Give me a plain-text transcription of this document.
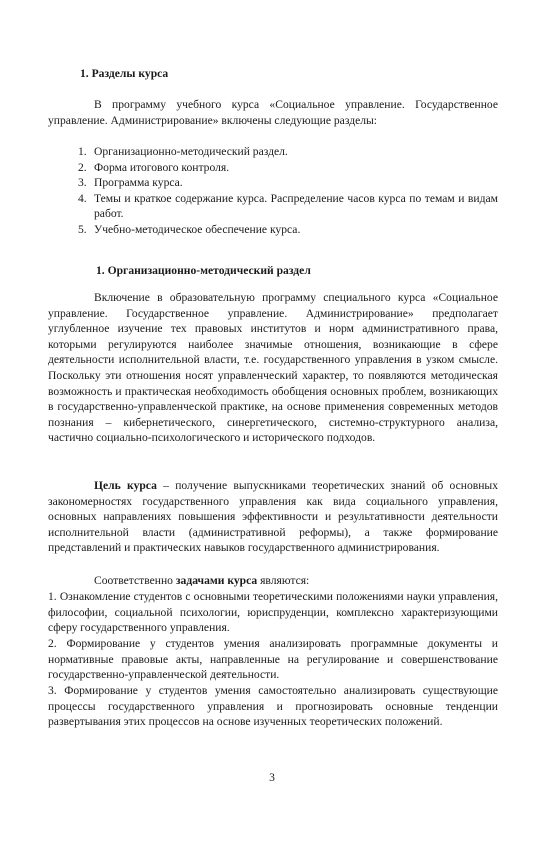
1. Разделы курса

В программу учебного курса «Социальное управление. Государственное управление. Администрирование» включены следующие разделы:

1. Организационно-методический раздел.
2. Форма итогового контроля.
3. Программа курса.
4. Темы и краткое содержание курса. Распределение часов курса по темам и видам работ.
5. Учебно-методическое обеспечение курса.
1. Организационно-методический раздел

Включение в образовательную программу специального курса «Социальное управление. Государственное управление. Администрирование» предполагает углубленное изучение тех правовых институтов и норм административного права, которыми регулируются наиболее значимые отношения, возникающие в сфере деятельности исполнительной власти, т.е. государственного управления в узком смысле. Поскольку эти отношения носят управленческий характер, то появляются методическая возможность и практическая необходимость обобщения основных проблем, возникающих в государственно-управленческой практике, на основе применения современных методов познания – кибернетического, синергетического, системно-структурного анализа, частично социально-психологического и исторического подходов.

Цель курса – получение выпускниками теоретических знаний об основных закономерностях государственного управления как вида социального управления, основных направлениях повышения эффективности и результативности деятельности исполнительной власти (административной реформы), а также формирование представлений и практических навыков государственного администрирования.

Соответственно задачами курса являются:

1. Ознакомление студентов с основными теоретическими положениями науки управления, философии, социальной психологии, юриспруденции, комплексно характеризующими сферу государственного управления.

2. Формирование у студентов умения анализировать программные документы и нормативные правовые акты, направленные на регулирование и совершенствование государственно-управленческой деятельности.

3. Формирование у студентов умения самостоятельно анализировать существующие процессы государственного управления и прогнозировать основные тенденции развертывания этих процессов на основе изученных теоретических положений.

3
